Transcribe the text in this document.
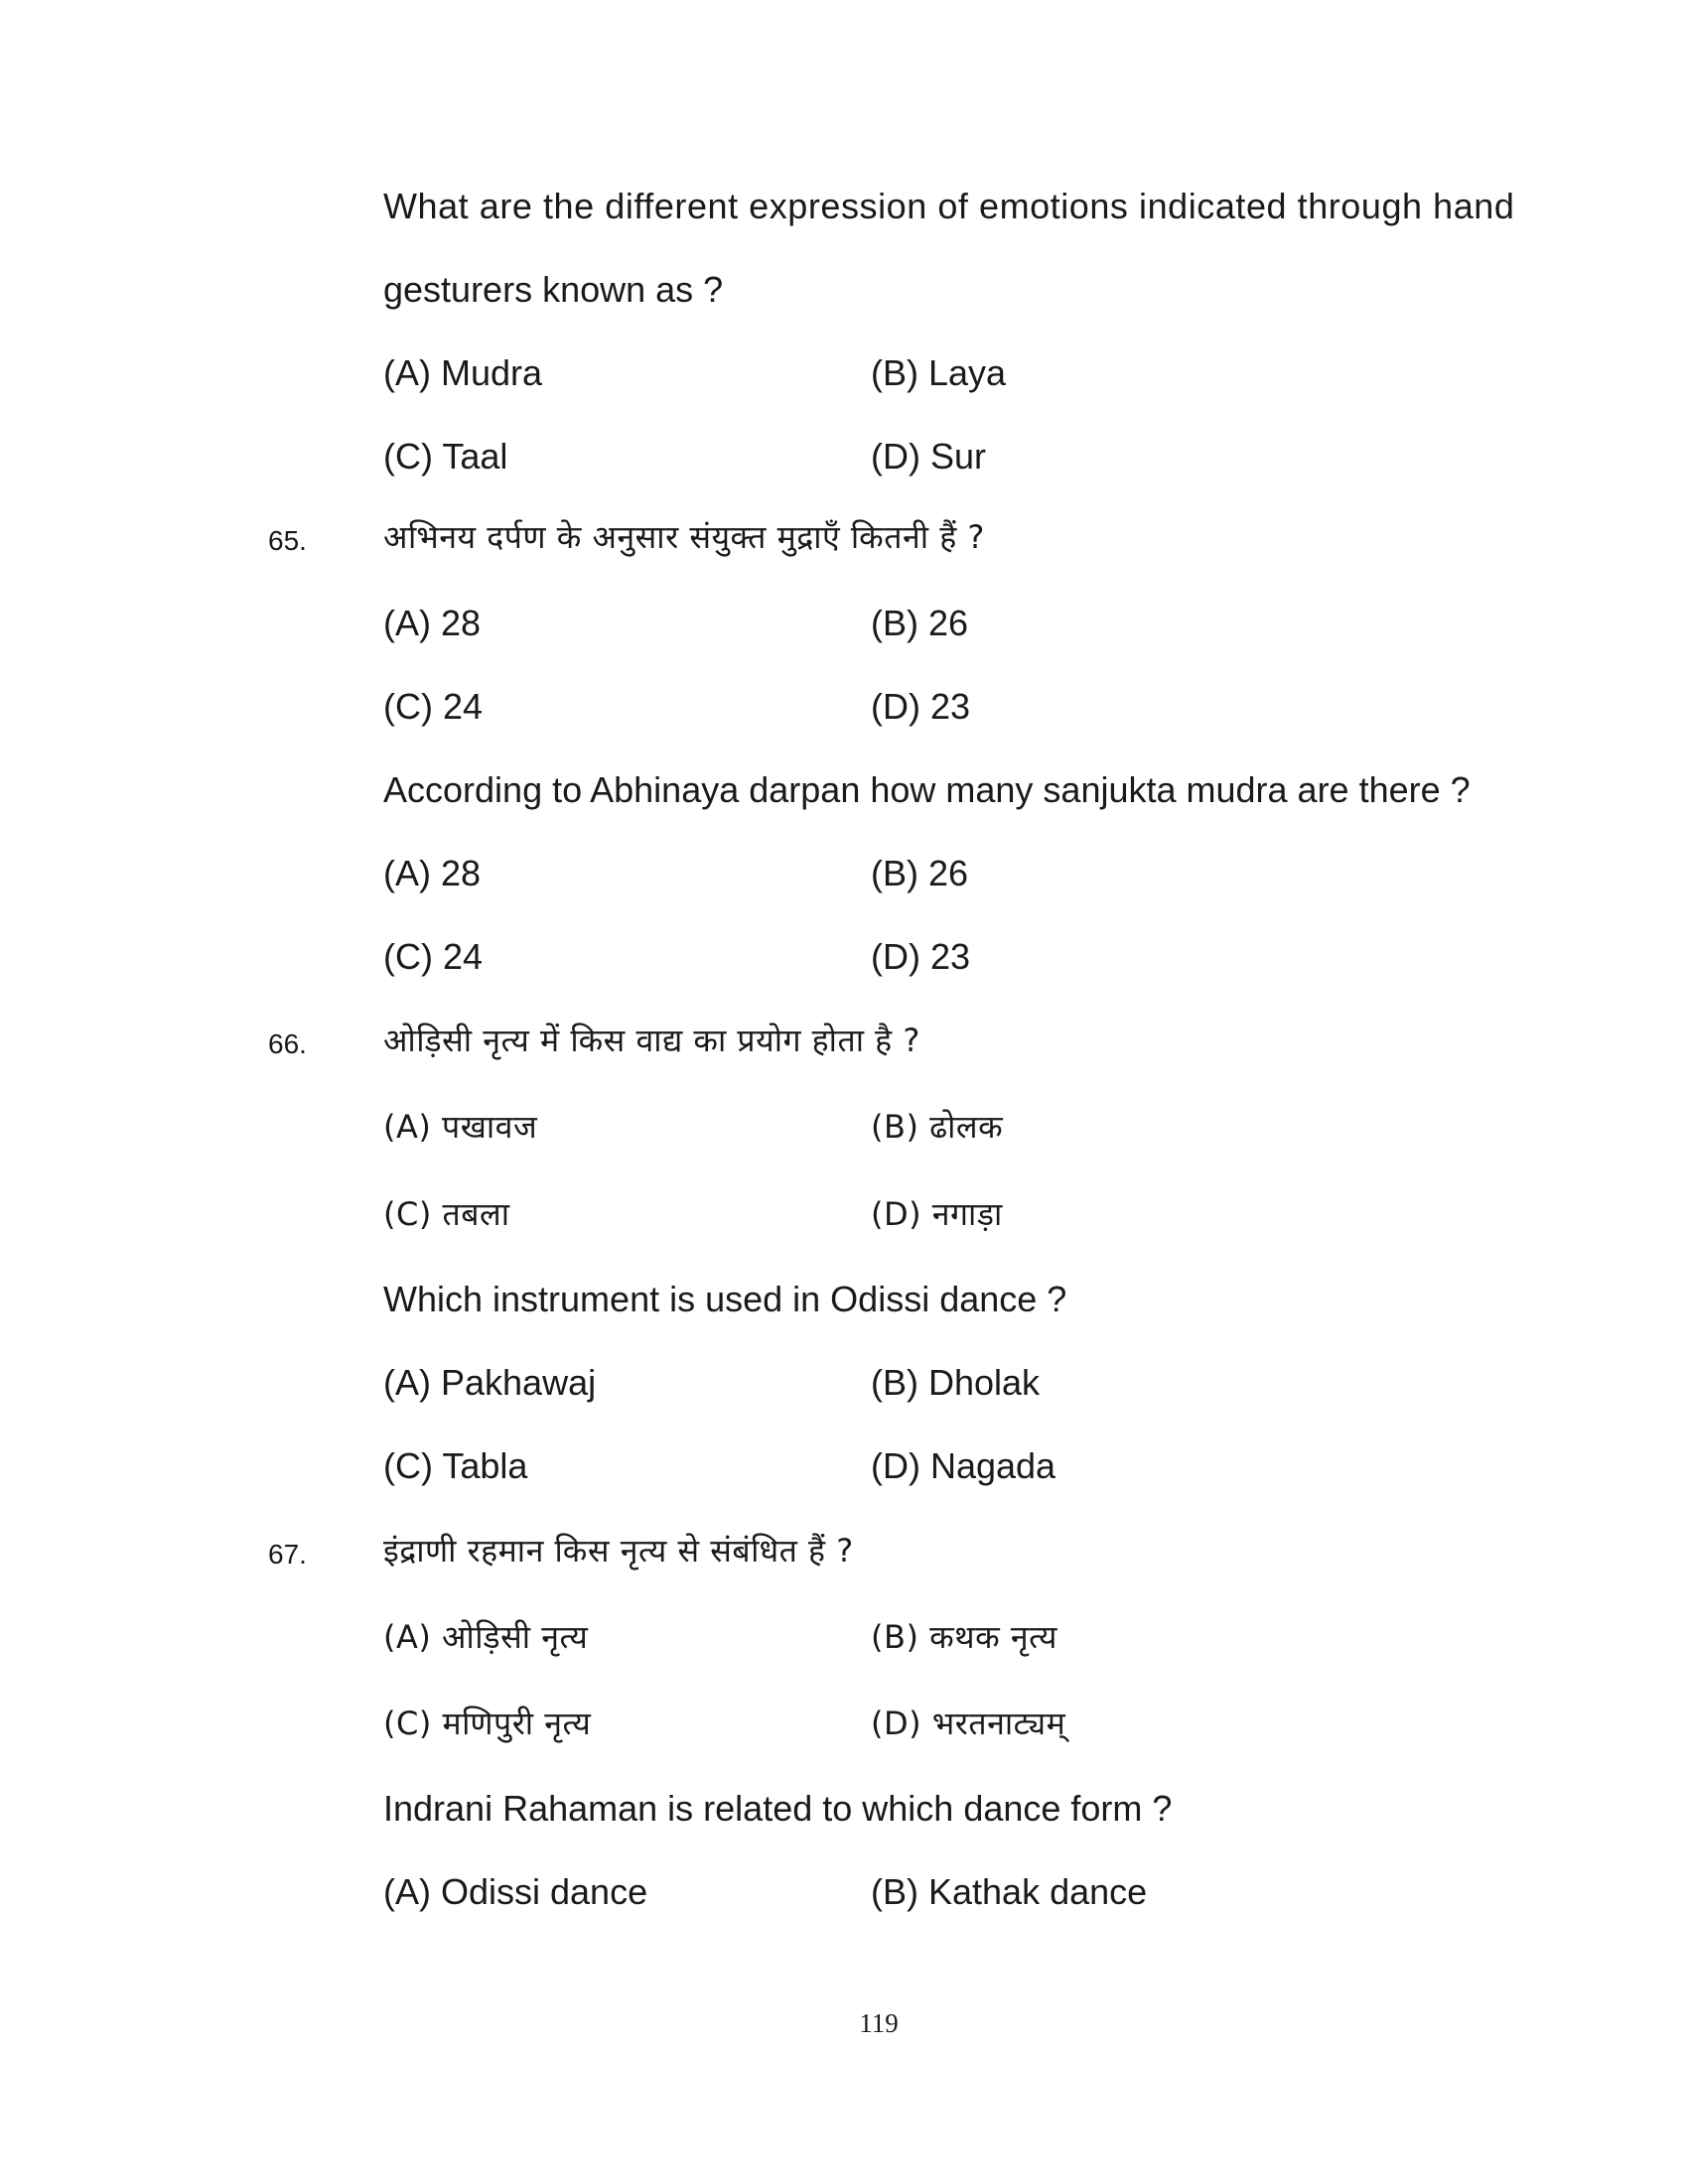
What are the different expression of emotions indicated through hand
gesturers known as ?
(A) Mudra	(B) Laya
(C) Taal	(D) Sur
65. अभिनय दर्पण के अनुसार संयुक्त मुद्राएँ कितनी हैं ?
(A) 28	(B) 26
(C) 24	(D) 23
According to Abhinaya darpan how many sanjukta mudra are there ?
(A) 28	(B) 26
(C) 24	(D) 23
66. ओड़िसी नृत्य में किस वाद्य का प्रयोग होता है ?
(A) पखावज	(B) ढोलक
(C) तबला	(D) नगाड़ा
Which instrument is used in Odissi dance ?
(A) Pakhawaj	(B) Dholak
(C) Tabla	(D) Nagada
67. इंद्राणी रहमान किस नृत्य से संबंधित हैं ?
(A) ओड़िसी नृत्य	(B) कथक नृत्य
(C) मणिपुरी नृत्य	(D) भरतनाट्यम्
Indrani Rahaman is related to which dance form ?
(A) Odissi dance	(B) Kathak dance
119
